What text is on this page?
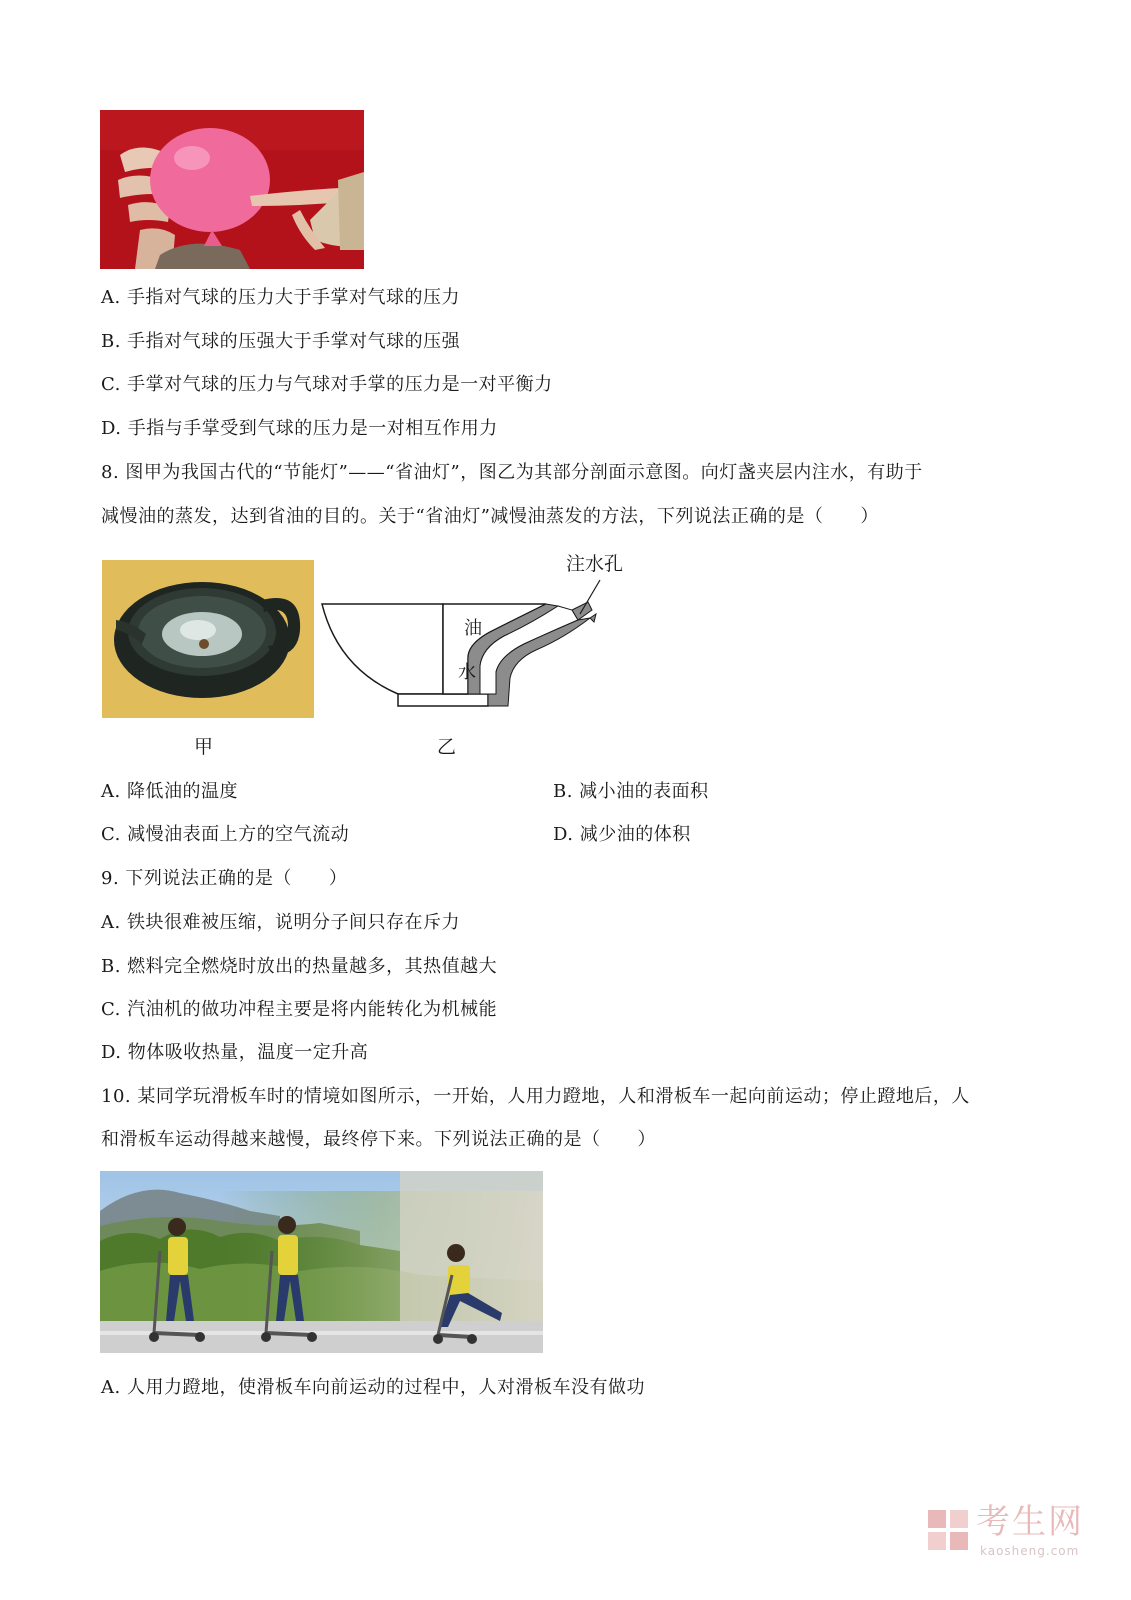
A. 手指对气球的压力大于手掌对气球的压力
B. 手指对气球的压强大于手掌对气球的压强
C. 手掌对气球的压力与气球对手掌的压力是一对平衡力
D. 手指与手掌受到气球的压力是一对相互作用力
8. 图甲为我国古代的“节能灯”——“省油灯”，图乙为其部分剖面示意图。向灯盏夹层内注水，有助于
减慢油的蒸发，达到省油的目的。关于“省油灯”减慢油蒸发的方法，下列说法正确的是（　　）
注水孔
油
水
甲	乙
A. 降低油的温度	B. 减小油的表面积
C. 减慢油表面上方的空气流动	D. 减少油的体积
9. 下列说法正确的是（　　）
A. 铁块很难被压缩，说明分子间只存在斥力
B. 燃料完全燃烧时放出的热量越多，其热值越大
C. 汽油机的做功冲程主要是将内能转化为机械能
D. 物体吸收热量，温度一定升高
10. 某同学玩滑板车时的情境如图所示，一开始，人用力蹬地，人和滑板车一起向前运动；停止蹬地后，人
和滑板车运动得越来越慢，最终停下来。下列说法正确的是（　　）
A. 人用力蹬地，使滑板车向前运动的过程中，人对滑板车没有做功
考生网
kaosheng.com
